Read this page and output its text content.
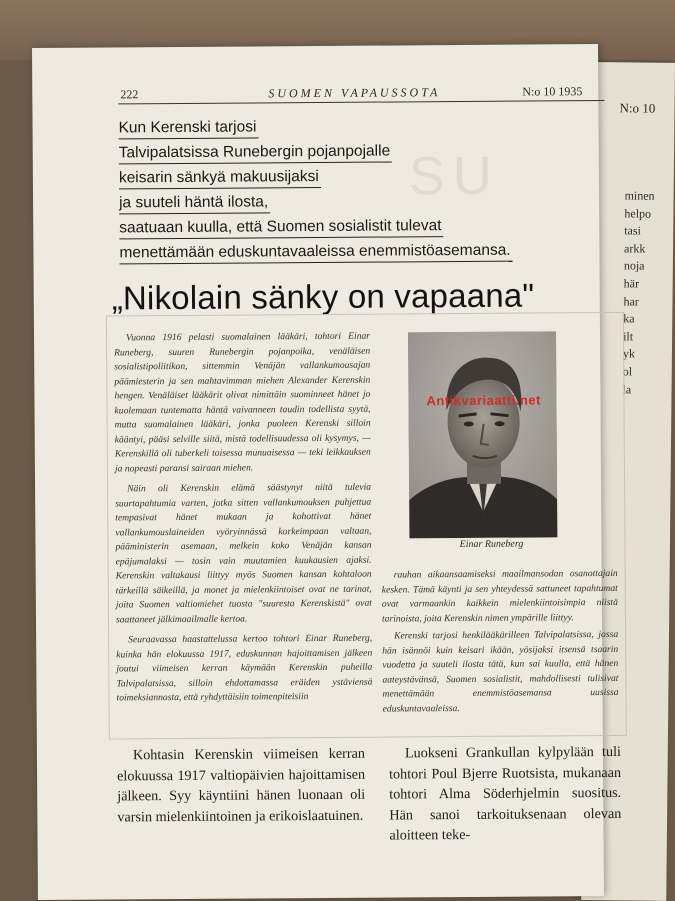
N:o 10
minen
helpo
tasi
arkk
noja
här
har
ka
ilt
yk
ol
la
SU
222	SUOMEN VAPAUSSOTA	N:o 10 1935
Kun Kerenski tarjosi
Talvipalatsissa Runebergin pojanpojalle
keisarin sänkyä makuusijaksi
ja suuteli häntä ilosta,
saatuaan kuulla, että Suomen sosialistit tulevat
menettämään eduskuntavaaleissa enemmistöasemansa.
„Nikolain sänky on vapaana"

Vuonna 1916 pelasti suomalainen lääkäri, tohtori Einar Runeberg, suuren Runebergin pojanpoika, venäläisen sosialistipoliitikon, sittemmin Venäjän vallankumousajan päämiesterin ja sen mahtavimman miehen Alexander Kerenskin hengen. Venäläiset lääkärit olivat nimittäin suominneet hänet jo kuolemaan tuntematta häntä vaivanneen taudin todellista syytä, mutta suomalainen lääkäri, jonka puoleen Kerenski silloin kääntyi, pääsi selville siitä, mistä todellisuudessa oli kysymys, — Kerenskillä oli tuberkeli toisessa munuaisessa — teki leikkauksen ja nopeasti paransi sairaan miehen.

Näin oli Kerenskin elämä säästynyt niitä tulevia suurtapahtumia varten, jotka sitten vallankumouksen puhjettua tempasivat hänet mukaan ja kohottivat hänet vallankumouslaineiden vyöryinnässä korkeimpaan valtaan, pääministerin asemaan, melkein koko Venäjän kansan epäjumalaksi — tosin vain muutamien kuukausien ajaksi. Kerenskin valtakausi liittyy myös Suomen kansan kohtaloon tärkeillä säikeillä, ja monet ja mielenkiintoiset ovat ne tarinat, joita Suomen valtiomiehet tuosta "suuresta Kerenskistä" ovat saattaneet jälkimaailmalle kertoa.

Seuraavassa haastattelussa kertoo tohtori Einar Runeberg, kuinka hän elokuussa 1917, eduskunnan hajoittamisen jälkeen joutui viimeisen kerran käymään Kerenskin puheilla Talvipalatsissa, silloin ehdottamassa eräiden ystäviensä toimeksiannosta, että ryhdyttäisiin toimenpiteisiin

Einar Runeberg
Antikvariaatti.net

rauhan aikaansaamiseksi maailmansodan osanottajain kesken. Tämä käynti ja sen yhteydessä sattuneet tapahtumat ovat varmaankin kaikkein mielenkiintoisimpia niistä tarinoista, joita Kerenskin nimen ympärille liittyy.

Kerenski tarjosi henkilääkärilleen Talvipalatsissa, jossa hän isännöi kuin keisari ikään, yösijaksi itsensä tsaarin vuodetta ja suuteli ilosta tätä, kun sai kuulla, että hänen aateystävänsä, Suomen sosialistit, mahdollisesti tulisivat menettämään enemmistöasemansa uusissa eduskuntavaaleissa.

Kohtasin Kerenskin viimeisen kerran elokuussa 1917 valtiopäivien hajoittamisen jälkeen. Syy käyntiini hänen luonaan oli varsin mielenkiintoinen ja erikoislaatuinen.

Luokseni Grankullan kylpylään tuli tohtori Poul Bjerre Ruotsista, mukanaan tohtori Alma Söderhjelmin suositus. Hän sanoi tarkoituksenaan olevan aloitteen teke-
